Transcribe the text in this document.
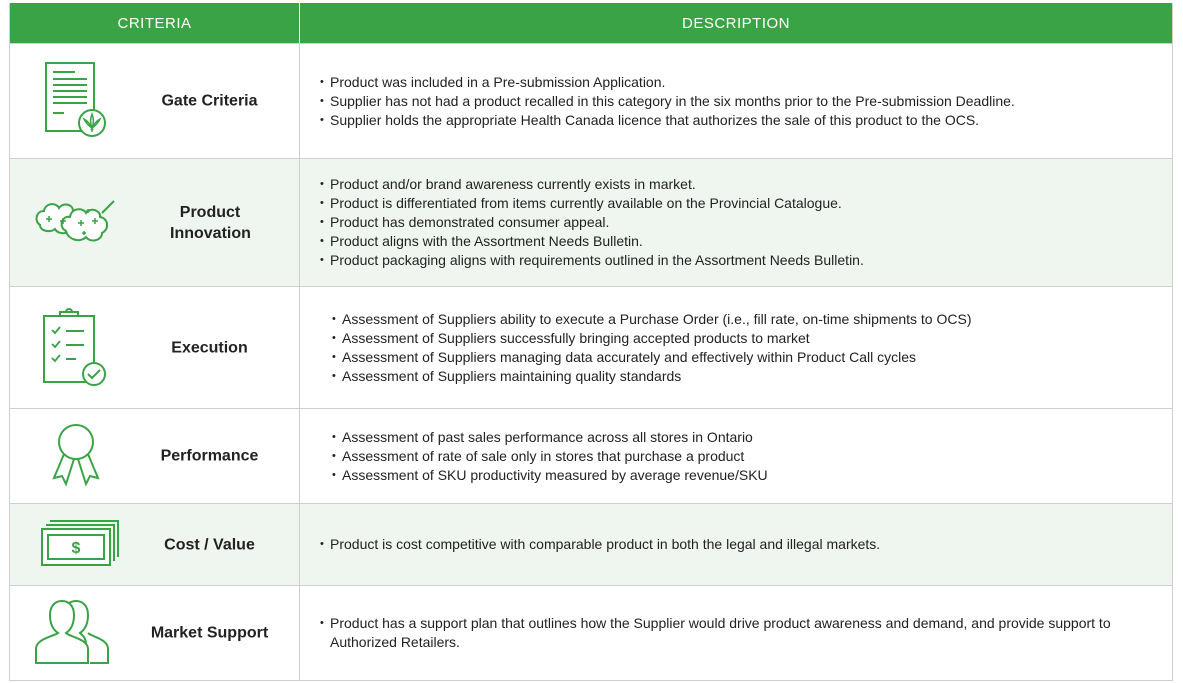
CRITERIA	DESCRIPTION
Gate Criteria
• Product was included in a Pre-submission Application.
• Supplier has not had a product recalled in this category in the six months prior to the Pre-submission Deadline.
• Supplier holds the appropriate Health Canada licence that authorizes the sale of this product to the OCS.
Product Innovation
• Product and/or brand awareness currently exists in market.
• Product is differentiated from items currently available on the Provincial Catalogue.
• Product has demonstrated consumer appeal.
• Product aligns with the Assortment Needs Bulletin.
• Product packaging aligns with requirements outlined in the Assortment Needs Bulletin.
Execution
• Assessment of Suppliers ability to execute a Purchase Order (i.e., fill rate, on-time shipments to OCS)
• Assessment of Suppliers successfully bringing accepted products to market
• Assessment of Suppliers managing data accurately and effectively within Product Call cycles
• Assessment of Suppliers maintaining quality standards
Performance
• Assessment of past sales performance across all stores in Ontario
• Assessment of rate of sale only in stores that purchase a product
• Assessment of SKU productivity measured by average revenue/SKU
$	Cost / Value
•	Product is cost competitive with comparable product in both the legal and illegal markets.
Market Support
• Product has a support plan that outlines how the Supplier would drive product awareness and demand, and provide support to Authorized Retailers.
